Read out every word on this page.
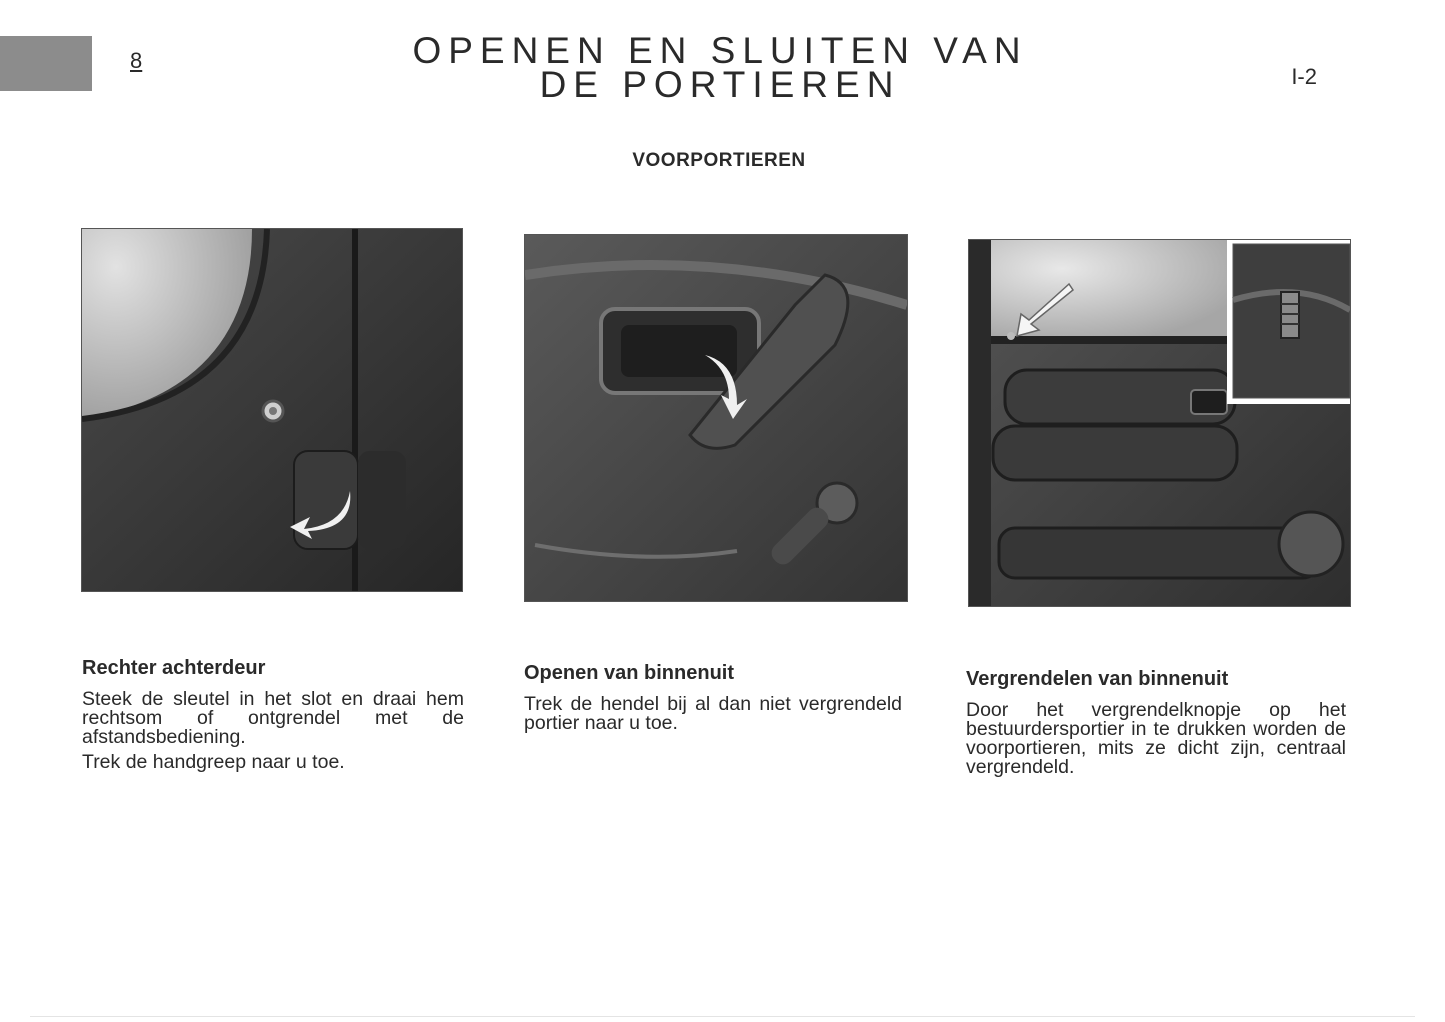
8	OPENEN EN SLUITEN VAN
DE PORTIEREN	I-2
VOORPORTIEREN
Rechter achterdeur

Steek de sleutel in het slot en draai hem rechtsom of ontgrendel met de afstandsbediening.

Trek de handgreep naar u toe.

Openen van binnenuit

Trek de hendel bij al dan niet vergrendeld portier naar u toe.

Vergrendelen van binnenuit

Door het vergrendelknopje op het bestuurdersportier in te drukken worden de voorportieren, mits ze dicht zijn, centraal vergrendeld.
